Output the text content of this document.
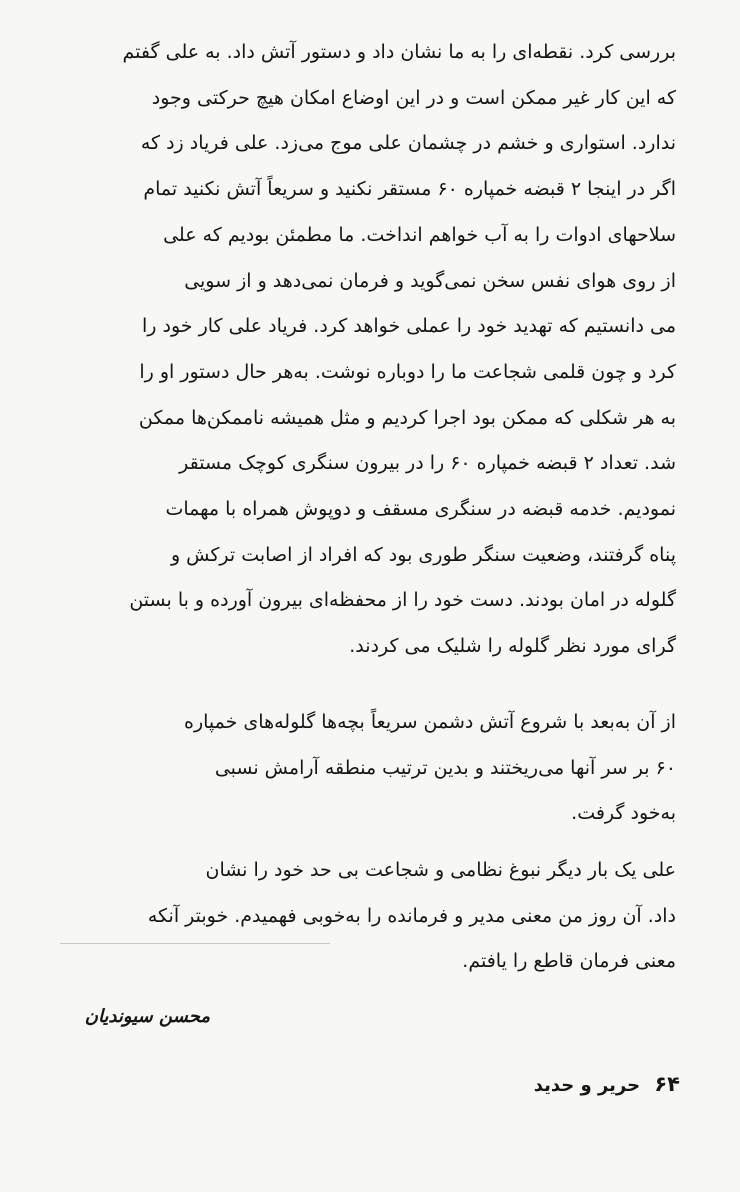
بررسی کرد. نقطه‌ای را به ما نشان داد و دستور آتش داد. به علی گفتم
که این کار غیر ممکن است و در این اوضاع امکان هیچ حرکتی وجود
ندارد. استواری و خشم در چشمان علی موج می‌زد. علی فریاد زد که
اگر در اینجا ۲ قبضه خمپاره ۶۰ مستقر نکنید و سریعاً آتش نکنید تمام
سلاحهای ادوات را به آب خواهم انداخت. ما مطمئن بودیم که علی
از روی هوای نفس سخن نمی‌گوید و فرمان نمی‌دهد و از سویی
می دانستیم که تهدید خود را عملی خواهد کرد. فریاد علی کار خود را
کرد و چون قلمی شجاعت ما را دوباره نوشت. به‌هر حال دستور او را
به هر شکلی که ممکن بود اجرا کردیم و مثل همیشه ناممکن‌ها ممکن
شد. تعداد ۲ قبضه خمپاره ۶۰ را در بیرون سنگری کوچک مستقر
نمودیم. خدمه قبضه در سنگری مسقف و دوپوش همراه با مهمات
پناه گرفتند، وضعیت سنگر طوری بود که افراد از اصابت ترکش و
گلوله در امان بودند. دست خود را از محفظه‌ای بیرون آورده و با بستن
گرای مورد نظر گلوله را شلیک می کردند.
از آن به‌بعد با شروع آتش دشمن سریعاً بچه‌ها گلوله‌های خمپاره
۶۰ بر سر آنها می‌ریختند و بدین ترتیب منطقه آرامش نسبی
به‌خود گرفت.
علی یک بار دیگر نبوغ نظامی و شجاعت بی حد خود را نشان
داد. آن روز من معنی مدیر و فرمانده را به‌خوبی فهمیدم. خوبتر آنکه
معنی فرمان قاطع را یافتم.
محسن سیوندیان
۶۴ حریر و حدید
